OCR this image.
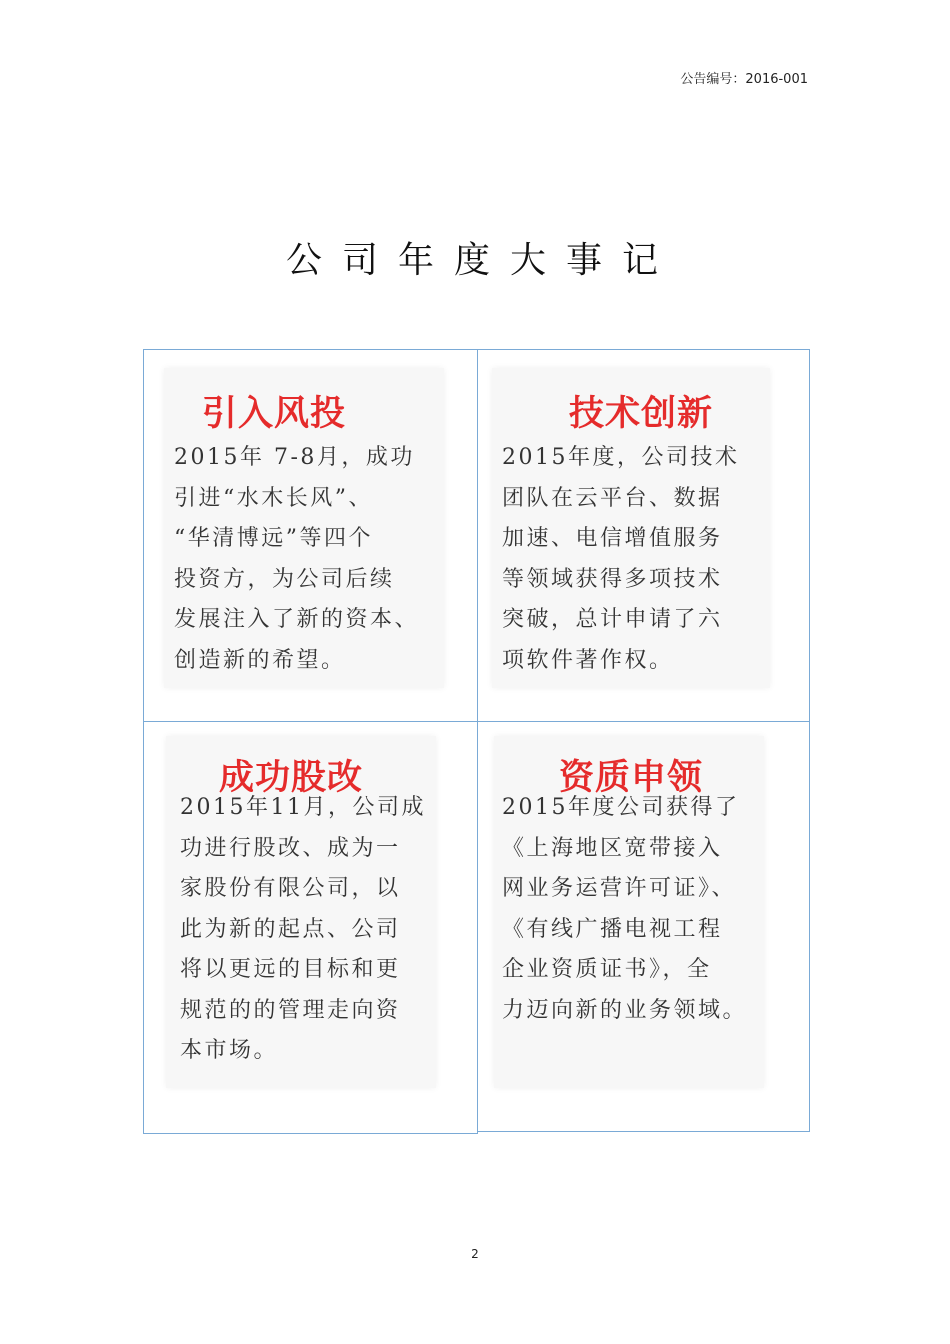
公告编号：2016-001
公司年度大事记
引入风投
2015年 7-8月，成功
引进“水木长风”、
“华清博远”等四个
投资方，为公司后续
发展注入了新的资本、
创造新的希望。
技术创新
2015年度，公司技术
团队在云平台、数据
加速、电信增值服务
等领域获得多项技术
突破，总计申请了六
项软件著作权。
成功股改
2015年11月，公司成
功进行股改、成为一
家股份有限公司，以
此为新的起点、公司
将以更远的目标和更
规范的的管理走向资
本市场。
资质申领
2015年度公司获得了
《上海地区宽带接入
网业务运营许可证》、
《有线广播电视工程
企业资质证书》，全
力迈向新的业务领域。
2
